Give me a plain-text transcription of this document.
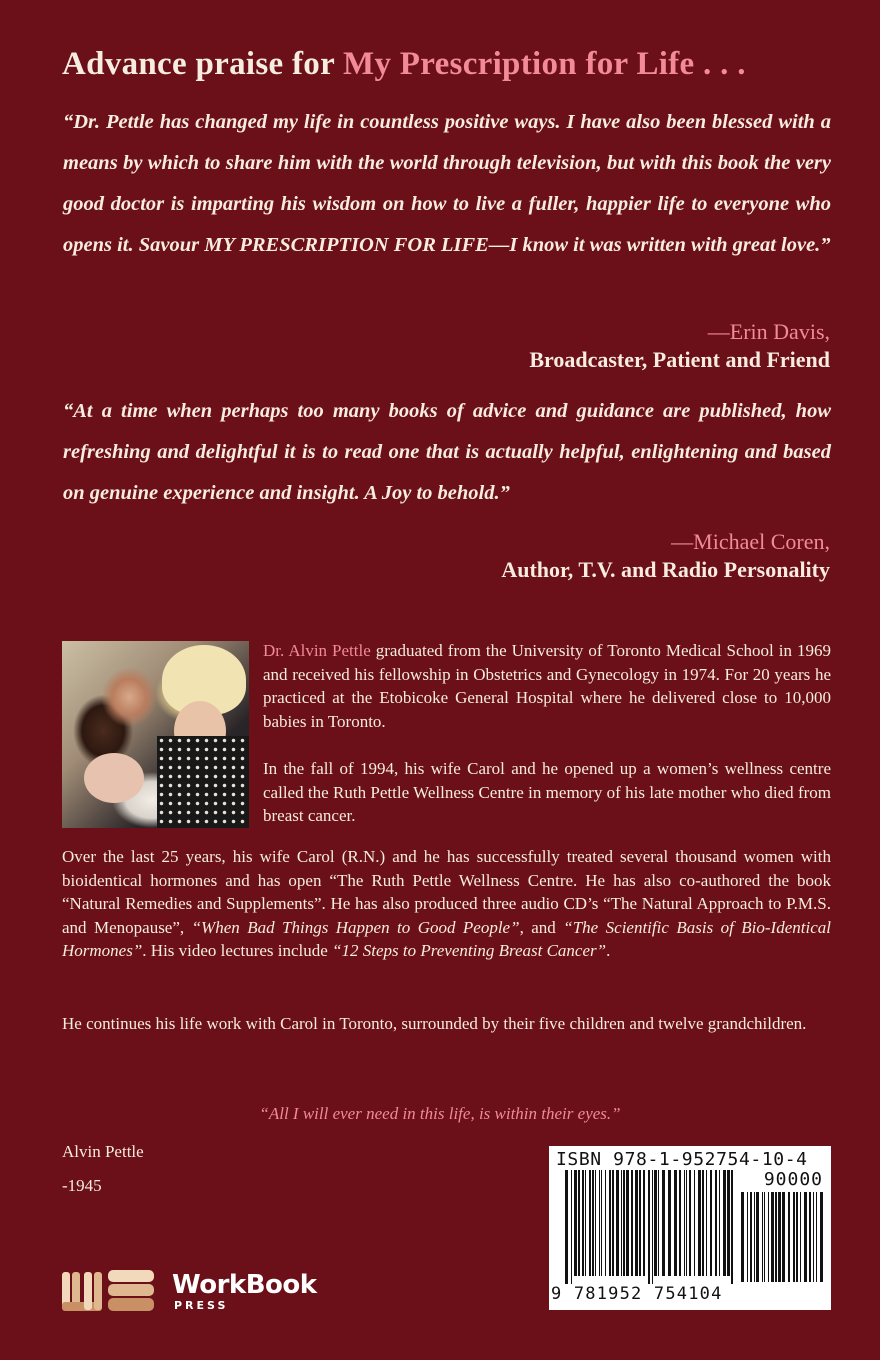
Advance praise for My Prescription for Life . . .
“Dr. Pettle has changed my life in countless positive ways. I have also been blessed with a means by which to share him with the world through television, but with this book the very good doctor is imparting his wisdom on how to live a fuller, happier life to everyone who opens it. Savour MY PRESCRIPTION FOR LIFE—I know it was written with great love.”
—Erin Davis,
Broadcaster, Patient and Friend
“At a time when perhaps too many books of advice and guidance are published, how refreshing and delightful it is to read one that is actually helpful, enlightening and based on genuine experience and insight. A Joy to behold.”
—Michael Coren,
Author, T.V. and Radio Personality
Dr. Alvin Pettle graduated from the University of Toronto Medical School in 1969 and received his fellowship in Obstetrics and Gynecology in 1974. For 20 years he practiced at the Etobicoke General Hospital where he delivered close to 10,000 babies in Toronto.
In the fall of 1994, his wife Carol and he opened up a women’s wellness centre called the Ruth Pettle Wellness Centre in memory of his late mother who died from breast cancer.
Over the last 25 years, his wife Carol (R.N.) and he has successfully treated several thousand women with bioidentical hormones and has open “The Ruth Pettle Wellness Centre. He has also co-authored the book “Natural Remedies and Supplements”. He has also produced three audio CD’s “The Natural Approach to P.M.S. and Menopause”, “When Bad Things Happen to Good People”, and “The Scientific Basis of Bio-Identical Hormones”. His video lectures include “12 Steps to Preventing Breast Cancer”.
He continues his life work with Carol in Toronto, surrounded by their five children and twelve grandchildren.
“All I will ever need in this life, is within their eyes.”
Alvin Pettle
-1945
WorkBook
PRESS
ISBN 978-1-952754-10-4
90000
9 781952 754104
